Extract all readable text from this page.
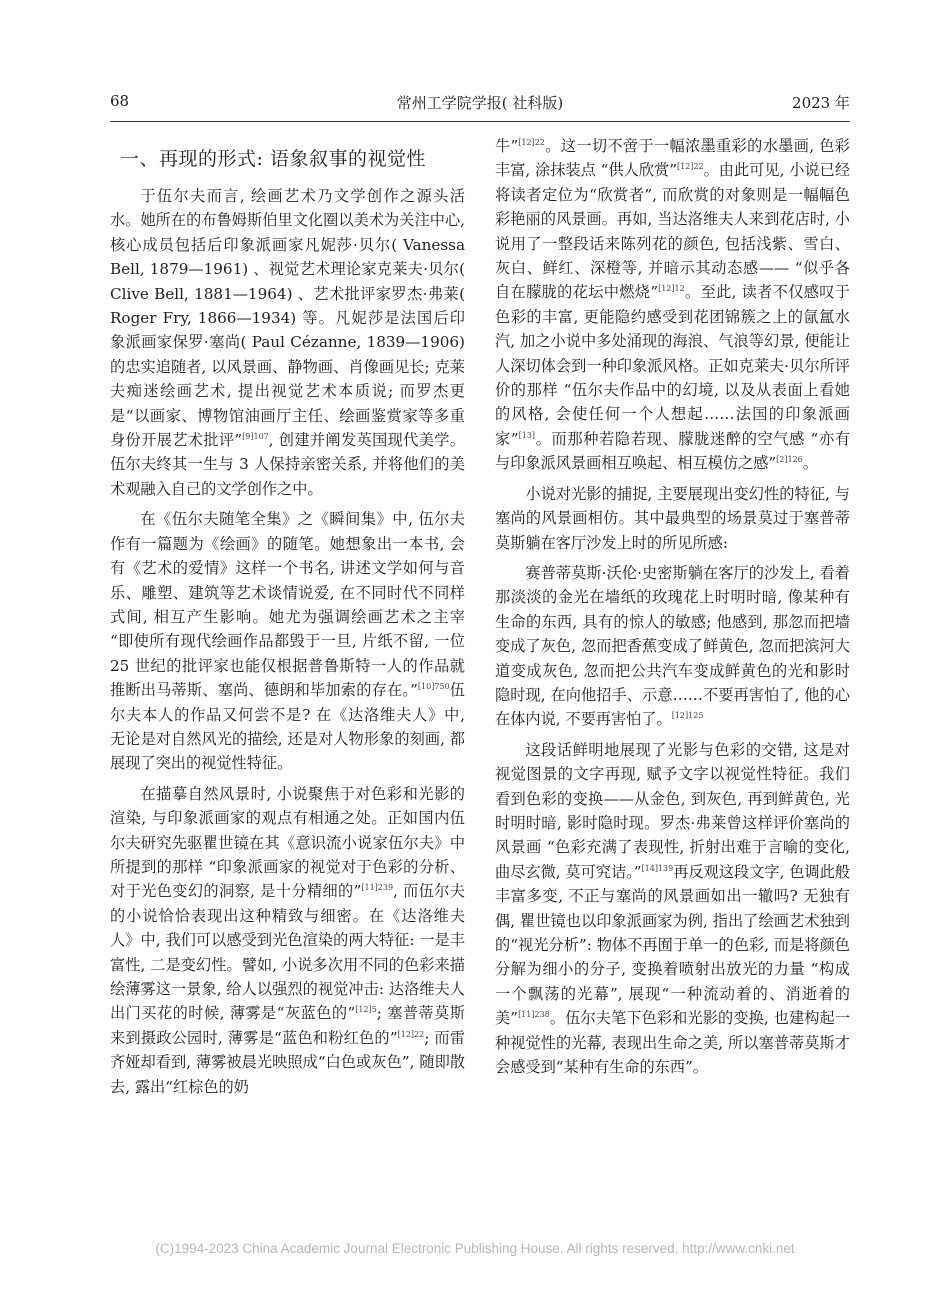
68	常州工学院学报( 社科版)	2023 年
一、再现的形式: 语象叙事的视觉性

于伍尔夫而言, 绘画艺术乃文学创作之源头活水。她所在的布鲁姆斯伯里文化圈以美术为关注中心, 核心成员包括后印象派画家凡妮莎·贝尔( Vanessa Bell, 1879—1961) 、视觉艺术理论家克莱夫·贝尔( Clive Bell, 1881—1964) 、艺术批评家罗杰·弗莱( Roger Fry, 1866—1934) 等。凡妮莎是法国后印象派画家保罗·塞尚( Paul Cézanne, 1839—1906) 的忠实追随者, 以风景画、静物画、肖像画见长; 克莱夫痴迷绘画艺术, 提出视觉艺术本质说; 而罗杰更是“以画家、博物馆油画厅主任、绘画鉴赏家等多重身份开展艺术批评”$^{[9]107}$, 创建并阐发英国现代美学。伍尔夫终其一生与 3 人保持亲密关系, 并将他们的美术观融入自己的文学创作之中。

在《伍尔夫随笔全集》之《瞬间集》中, 伍尔夫作有一篇题为《绘画》的随笔。她想象出一本书, 会有《艺术的爱情》这样一个书名, 讲述文学如何与音乐、雕塑、建筑等艺术谈情说爱, 在不同时代不同样式间, 相互产生影响。她尤为强调绘画艺术之主宰 “即使所有现代绘画作品都毁于一旦, 片纸不留, 一位 25 世纪的批评家也能仅根据普鲁斯特一人的作品就推断出马蒂斯、塞尚、德朗和毕加索的存在。”$^{[10]750}$伍尔夫本人的作品又何尝不是? 在《达洛维夫人》中, 无论是对自然风光的描绘, 还是对人物形象的刻画, 都展现了突出的视觉性特征。

在描摹自然风景时, 小说聚焦于对色彩和光影的渲染, 与印象派画家的观点有相通之处。正如国内伍尔夫研究先驱瞿世镜在其《意识流小说家伍尔夫》中所提到的那样 “印象派画家的视觉对于色彩的分析、对于光色变幻的洞察, 是十分精细的”$^{[11]239}$, 而伍尔夫的小说恰恰表现出这种精致与细密。在《达洛维夫人》中, 我们可以感受到光色渲染的两大特征: 一是丰富性, 二是变幻性。譬如, 小说多次用不同的色彩来描绘薄雾这一景象, 给人以强烈的视觉冲击: 达洛维夫人出门买花的时候, 薄雾是“灰蓝色的”$^{[12]5}$; 塞普蒂莫斯来到摄政公园时, 薄雾是“蓝色和粉红色的”$^{[12]22}$; 而雷齐娅却看到, 薄雾被晨光映照成“白色或灰色”, 随即散去, 露出“红棕色的奶

牛”$^{[12]22}$。这一切不啻于一幅浓墨重彩的水墨画, 色彩丰富, 涂抹装点 “供人欣赏”$^{[12]22}$。由此可见, 小说已经将读者定位为“欣赏者”, 而欣赏的对象则是一幅幅色彩艳丽的风景画。再如, 当达洛维夫人来到花店时, 小说用了一整段话来陈列花的颜色, 包括浅紫、雪白、灰白、鲜红、深橙等, 并暗示其动态感—— “似乎各自在朦胧的花坛中燃烧”$^{[12]12}$。至此, 读者不仅感叹于色彩的丰富, 更能隐约感受到花团锦簇之上的氤氲水汽, 加之小说中多处涌现的海浪、气浪等幻景, 便能让人深切体会到一种印象派风格。正如克莱夫·贝尔所评价的那样 “伍尔夫作品中的幻境, 以及从表面上看她的风格, 会使任何一个人想起……法国的印象派画家”[13]。而那种若隐若现、朦胧迷醉的空气感 “亦有与印象派风景画相互唤起、相互模仿之感”$^{[2]126}$。

小说对光影的捕捉, 主要展现出变幻性的特征, 与塞尚的风景画相仿。其中最典型的场景莫过于塞普蒂莫斯躺在客厅沙发上时的所见所感:

赛普蒂莫斯·沃伦·史密斯躺在客厅的沙发上, 看着那淡淡的金光在墙纸的玫瑰花上时明时暗, 像某种有生命的东西, 具有的惊人的敏感; 他感到, 那忽而把墙变成了灰色, 忽而把香蕉变成了鲜黄色, 忽而把滨河大道变成灰色, 忽而把公共汽车变成鲜黄色的光和影时隐时现, 在向他招手、示意……不要再害怕了, 他的心在体内说, 不要再害怕了。$^{[12]125}$

这段话鲜明地展现了光影与色彩的交错, 这是对视觉图景的文字再现, 赋予文字以视觉性特征。我们看到色彩的变换——从金色, 到灰色, 再到鲜黄色, 光时明时暗, 影时隐时现。罗杰·弗莱曾这样评价塞尚的风景画 “色彩充满了表现性, 折射出难于言喻的变化, 曲尽玄微, 莫可究诘。”$^{[14]139}$再反观这段文字, 色调此般丰富多变, 不正与塞尚的风景画如出一辙吗? 无独有偶, 瞿世镜也以印象派画家为例, 指出了绘画艺术独到的“视光分析”: 物体不再囿于单一的色彩, 而是将颜色分解为细小的分子, 变换着喷射出放光的力量 “构成一个飘荡的光幕”, 展现“一种流动着的、消逝着的美”$^{[11]238}$。伍尔夫笔下色彩和光影的变换, 也建构起一种视觉性的光幕, 表现出生命之美, 所以塞普蒂莫斯才会感受到“某种有生命的东西”。

(C)1994-2023 China Academic Journal Electronic Publishing House. All rights reserved. http://www.cnki.net
